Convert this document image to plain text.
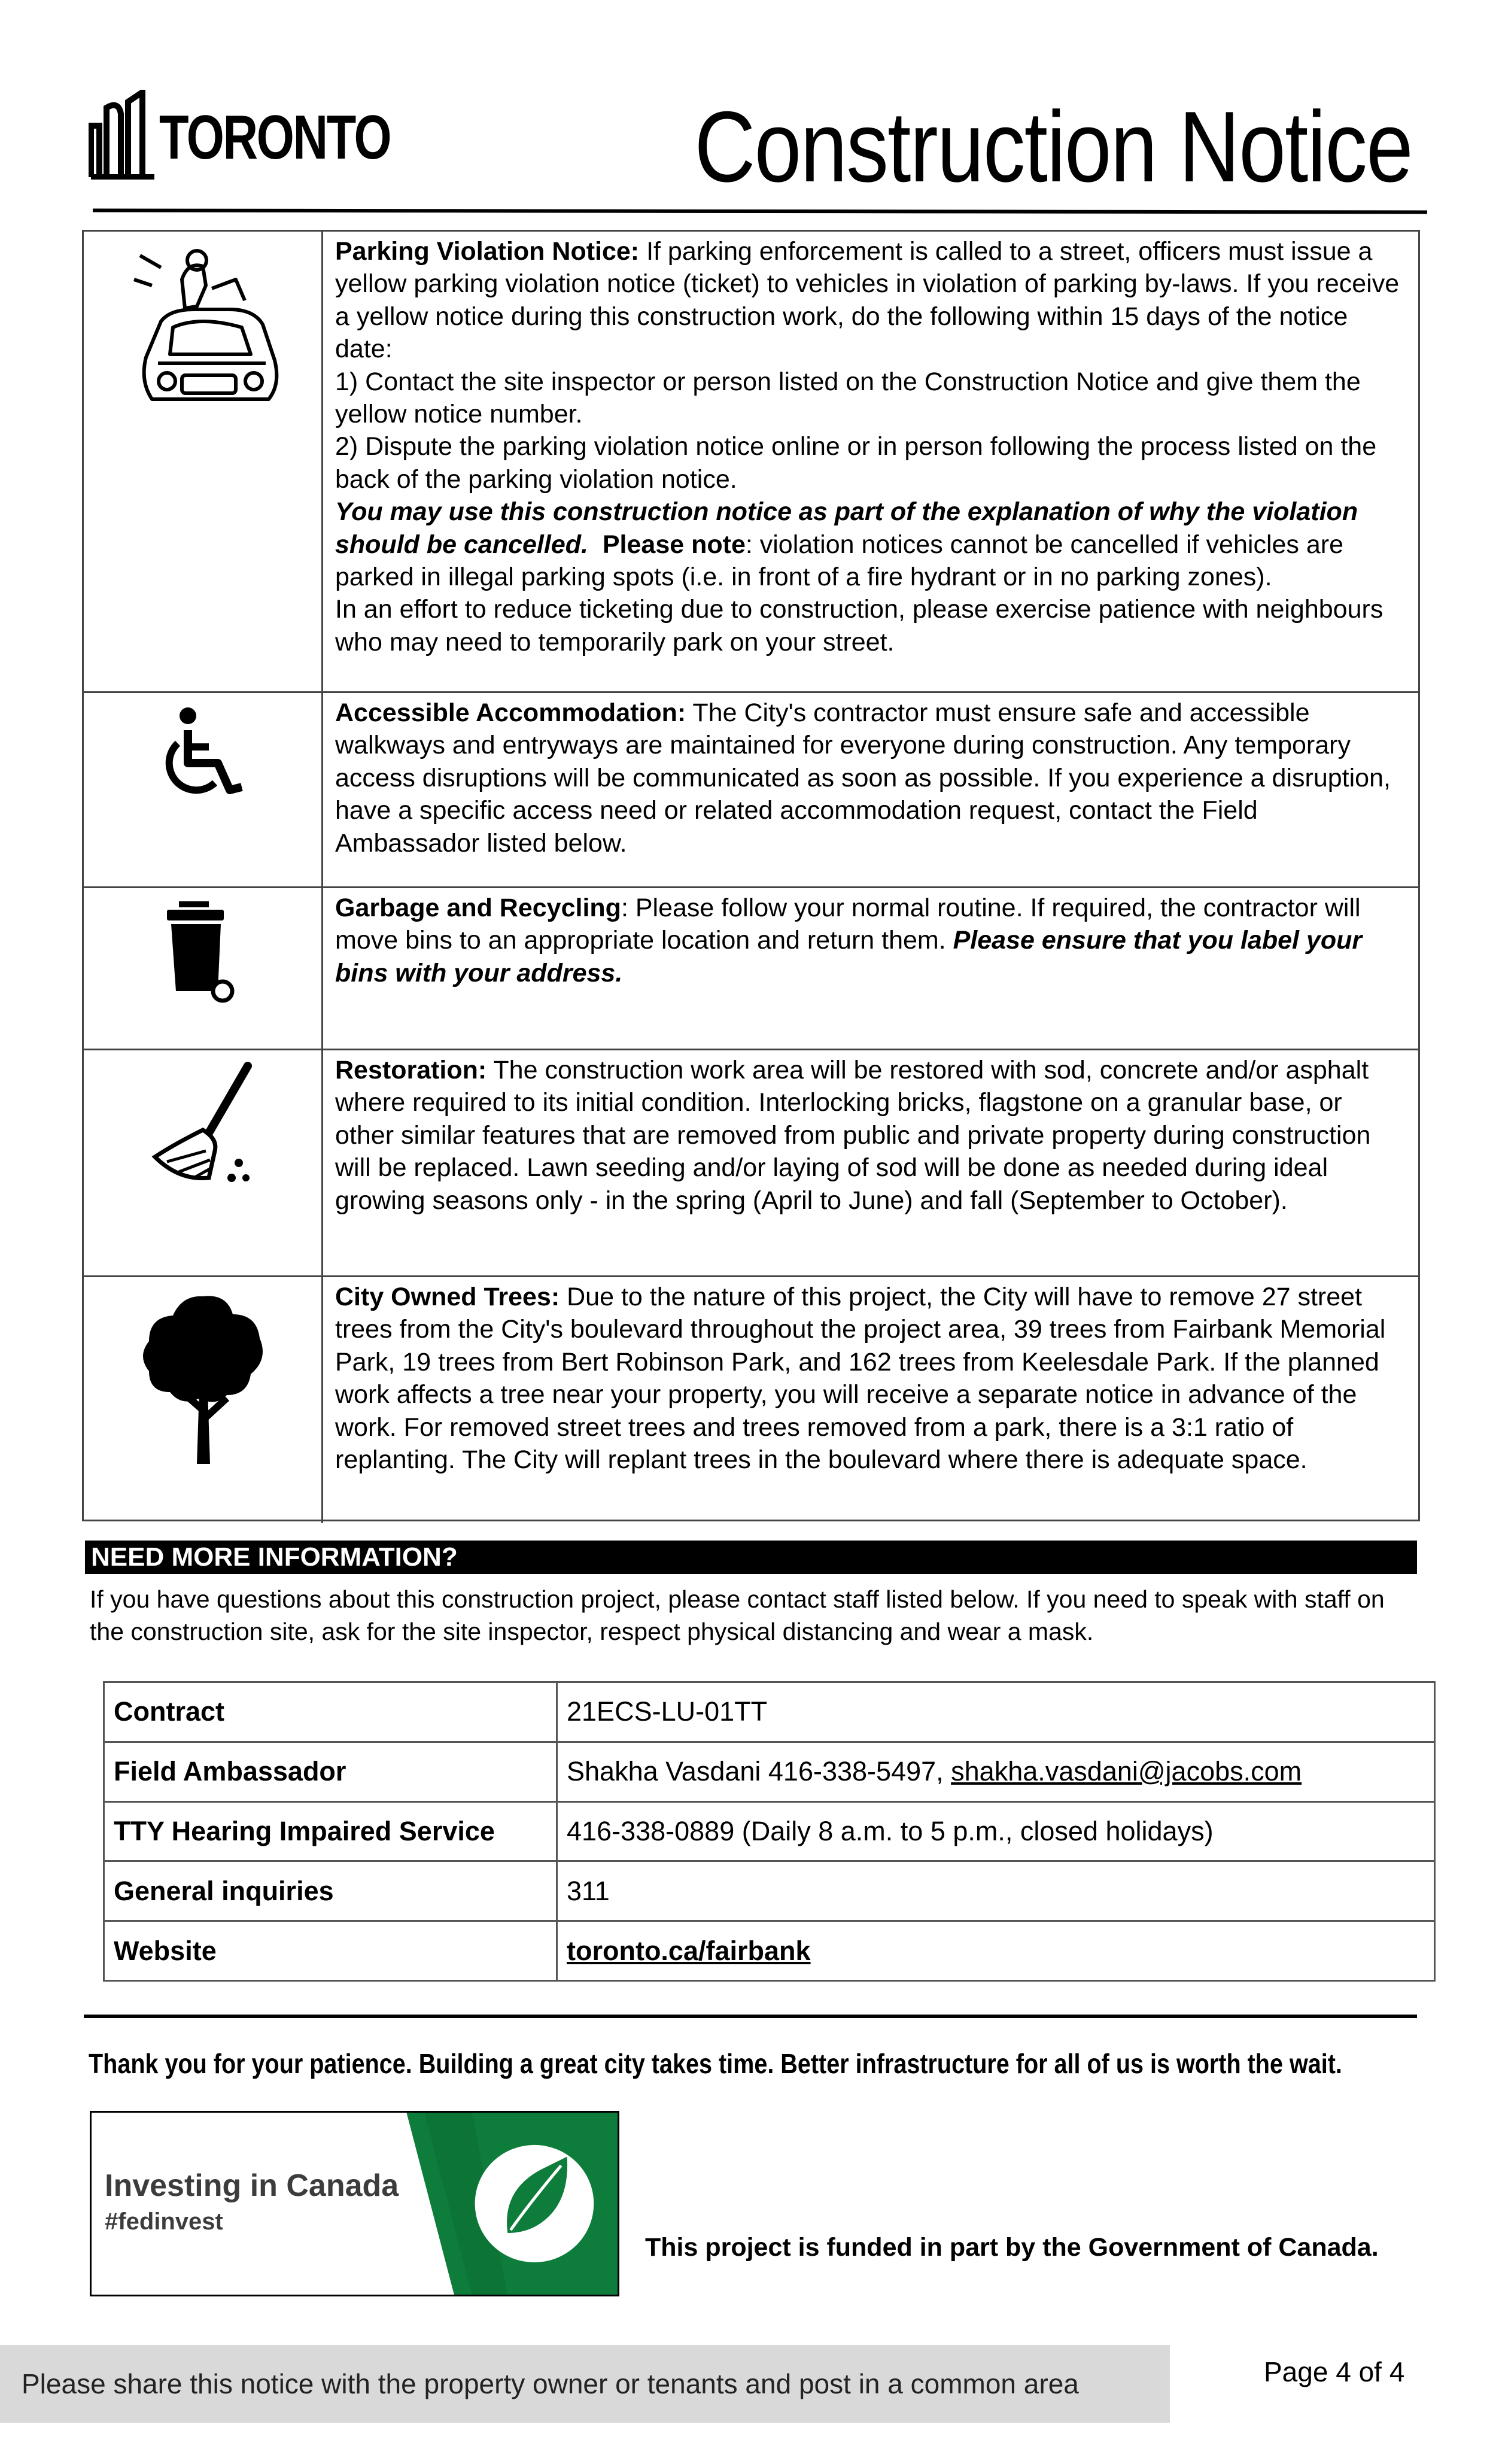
TORONTO	Construction Notice

Parking Violation Notice: If parking enforcement is called to a street, officers must issue a yellow parking violation notice (ticket) to vehicles in violation of parking by-laws. If you receive a yellow notice during this construction work, do the following within 15 days of the notice date:

1) Contact the site inspector or person listed on the Construction Notice and give them the yellow notice number.

2) Dispute the parking violation notice online or in person following the process listed on the back of the parking violation notice.

You may use this construction notice as part of the explanation of why the violation should be cancelled. Please note: violation notices cannot be cancelled if vehicles are parked in illegal parking spots (i.e. in front of a fire hydrant or in no parking zones).

In an effort to reduce ticketing due to construction, please exercise patience with neighbours who may need to temporarily park on your street.

Accessible Accommodation: The City's contractor must ensure safe and accessible walkways and entryways are maintained for everyone during construction. Any temporary access disruptions will be communicated as soon as possible. If you experience a disruption, have a specific access need or related accommodation request, contact the Field Ambassador listed below.

Garbage and Recycling: Please follow your normal routine. If required, the contractor will move bins to an appropriate location and return them. Please ensure that you label your bins with your address.

Restoration: The construction work area will be restored with sod, concrete and/or asphalt where required to its initial condition. Interlocking bricks, flagstone on a granular base, or other similar features that are removed from public and private property during construction will be replaced. Lawn seeding and/or laying of sod will be done as needed during ideal growing seasons only - in the spring (April to June) and fall (September to October).

City Owned Trees: Due to the nature of this project, the City will have to remove 27 street trees from the City's boulevard throughout the project area, 39 trees from Fairbank Memorial Park, 19 trees from Bert Robinson Park, and 162 trees from Keelesdale Park. If the planned work affects a tree near your property, you will receive a separate notice in advance of the work. For removed street trees and trees removed from a park, there is a 3:1 ratio of replanting. The City will replant trees in the boulevard where there is adequate space.

NEED MORE INFORMATION?
If you have questions about this construction project, please contact staff listed below. If you need to speak with staff on the construction site, ask for the site inspector, respect physical distancing and wear a mask.
Contract	21ECS-LU-01TT
Field Ambassador	Shakha Vasdani 416-338-5497, shakha.vasdani@jacobs.com
TTY Hearing Impaired Service	416-338-0889 (Daily 8 a.m. to 5 p.m., closed holidays)
General inquiries	311
Website	toronto.ca/fairbank
Thank you for your patience. Building a great city takes time. Better infrastructure for all of us is worth the wait.
Investing in Canada
#fedinvest
This project is funded in part by the Government of Canada.
Please share this notice with the property owner or tenants and post in a common area	Page 4 of 4
